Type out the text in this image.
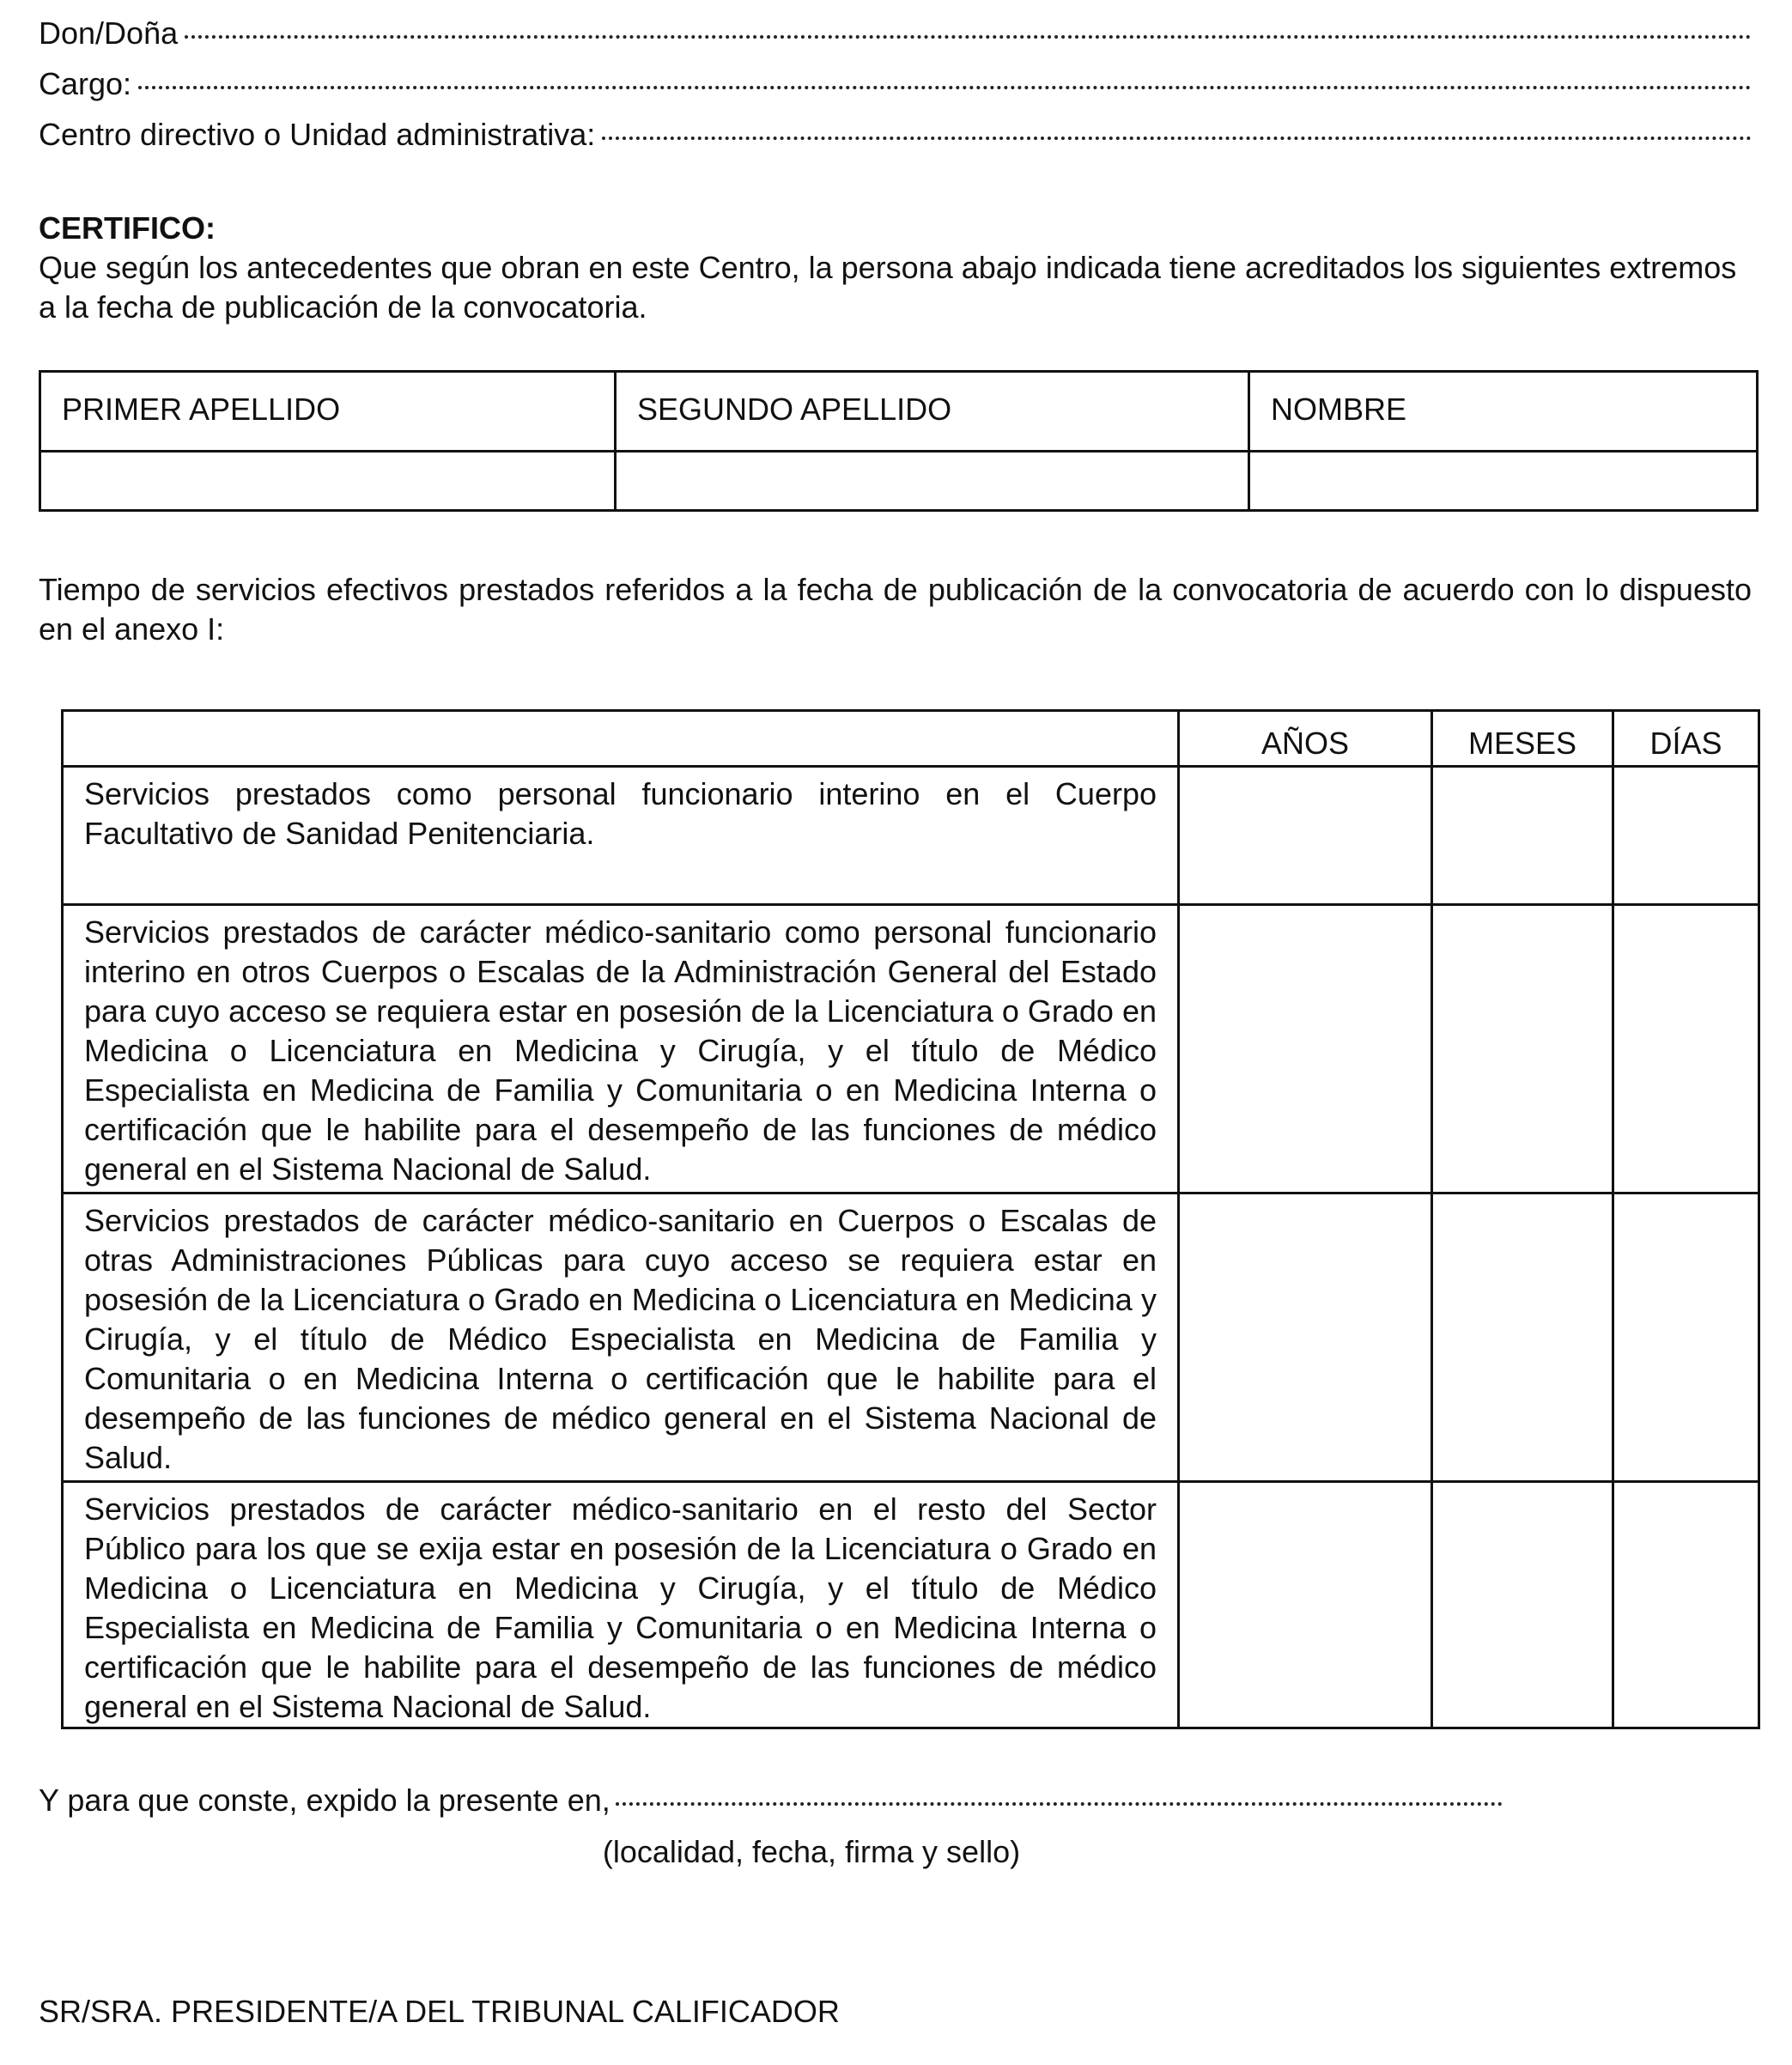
Don/Doña
Cargo:
Centro directivo o Unidad administrativa:
CERTIFICO:

Que según los antecedentes que obran en este Centro, la persona abajo indicada tiene acreditados los siguientes extremos a la fecha de publicación de la convocatoria.

PRIMER APELLIDO	SEGUNDO APELLIDO	NOMBRE

Tiempo de servicios efectivos prestados referidos a la fecha de publicación de la convocatoria de acuerdo con lo dispuesto en el anexo I:

	AÑOS	MESES	DÍAS
Servicios prestados como personal funcionario interino en el Cuerpo Facultativo de Sanidad Penitenciaria.			
Servicios prestados de carácter médico-sanitario como personal funcionario interino en otros Cuerpos o Escalas de la Administración General del Estado para cuyo acceso se requiera estar en posesión de la Licenciatura o Grado en Medicina o Licenciatura en Medicina y Cirugía, y el título de Médico Especialista en Medicina de Familia y Comunitaria o en Medicina Interna o certificación que le habilite para el desempeño de las funciones de médico general en el Sistema Nacional de Salud.			
Servicios prestados de carácter médico-sanitario en Cuerpos o Escalas de otras Administraciones Públicas para cuyo acceso se requiera estar en posesión de la Licenciatura o Grado en Medicina o Licenciatura en Medicina y Cirugía, y el título de Médico Especialista en Medicina de Familia y Comunitaria o en Medicina Interna o certificación que le habilite para el desempeño de las funciones de médico general en el Sistema Nacional de Salud.			
Servicios prestados de carácter médico-sanitario en el resto del Sector Público para los que se exija estar en posesión de la Licenciatura o Grado en Medicina o Licenciatura en Medicina y Cirugía, y el título de Médico Especialista en Medicina de Familia y Comunitaria o en Medicina Interna o certificación que le habilite para el desempeño de las funciones de médico general en el Sistema Nacional de Salud.			
Y para que conste, expido la presente en,
(localidad, fecha, firma y sello)
SR/SRA. PRESIDENTE/A DEL TRIBUNAL CALIFICADOR
